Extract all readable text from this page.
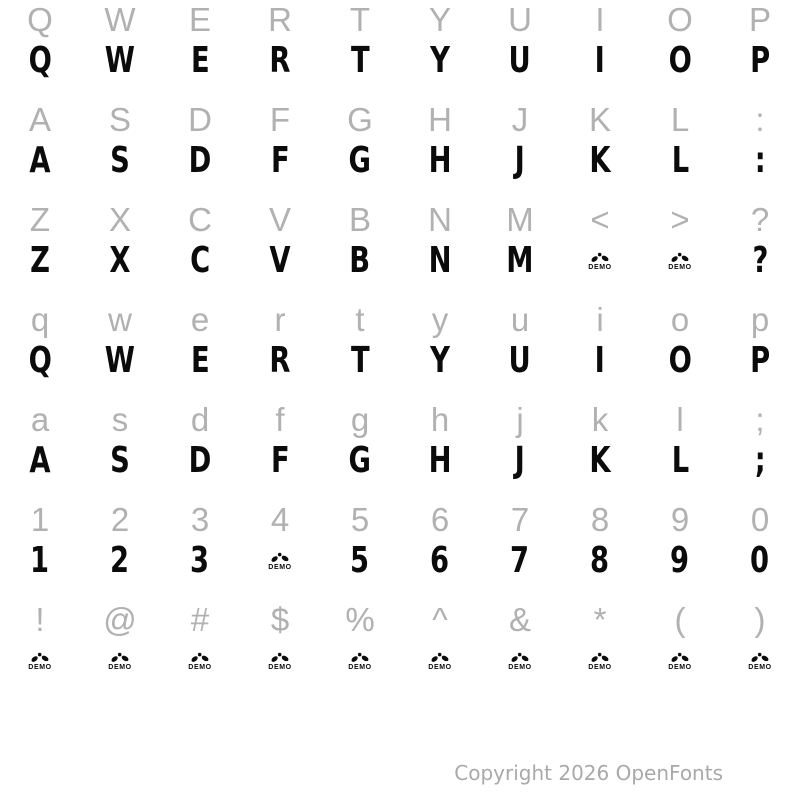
Q W E R T Y U I O P
Q W E R T Y U I O P
A S D F G H J K L :
A S D F G H J K L :
Z X C V B N M < > ?
Z X C V B N M	DEMO	DEMO ?
q w e r t y u i o p
Q W E R T Y U I O P
a s d f g h j k l ;
A S D F G H J K L ;
1 2 3 4 5 6 7 8 9 0
1 2 3	DEMO 5 6 7 8 9 0
! @ # $ % ^ & * ( )
DEMO	DEMO	DEMO	DEMO	DEMO	DEMO	DEMO	DEMO	DEMO	DEMO
Copyright 2026 OpenFonts
